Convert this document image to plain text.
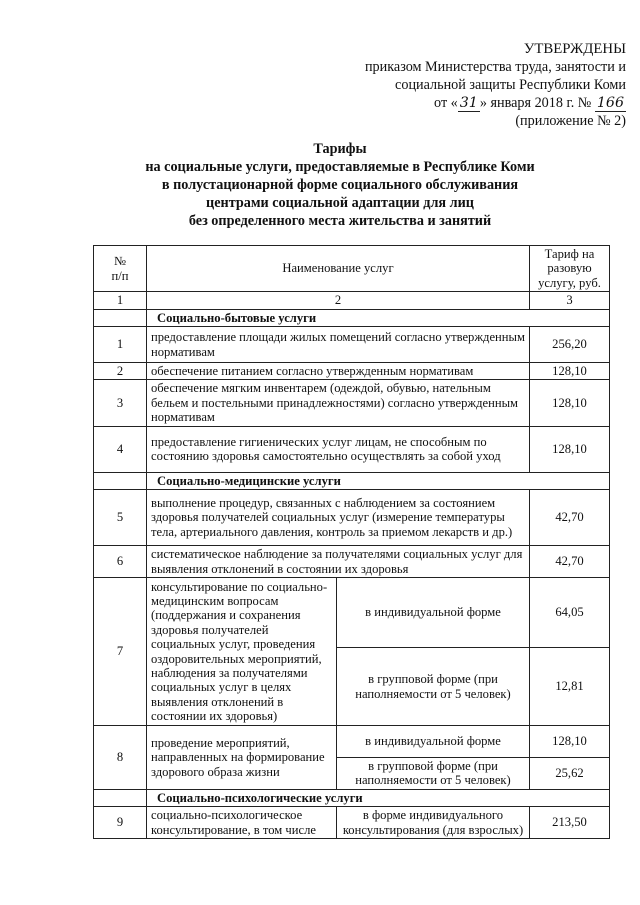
УТВЕРЖДЕНЫ
приказом Министерства труда, занятости и
социальной защиты Республики Коми
от « 31 » января 2018 г. № 166
(приложение № 2)
Тарифы
на социальные услуги, предоставляемые в Республике Коми
в полустационарной форме социального обслуживания
центрами социальной адаптации для лиц
без определенного места жительства и занятий
№
п/п	Наименование услуг		Тариф на разовую услугу, руб.
1	2		3
	Социально-бытовые услуги		
1	предоставление площади жилых помещений согласно утвержденным нормативам		256,20
2	обеспечение питанием согласно утвержденным нормативам		128,10
3	обеспечение мягким инвентарем (одеждой, обувью, нательным бельем и постельными принадлежностями) согласно утвержденным нормативам		128,10
4	предоставление гигиенических услуг лицам, не способным по состоянию здоровья самостоятельно осуществлять за собой уход		128,10
	Социально-медицинские услуги		
5	выполнение процедур, связанных с наблюдением за состоянием здоровья получателей социальных услуг (измерение температуры тела, артериального давления, контроль за приемом лекарств и др.)		42,70
6	систематическое наблюдение за получателями социальных услуг для выявления отклонений в состоянии их здоровья		42,70
7	консультирование по социально-медицинским вопросам (поддержания и сохранения здоровья получателей социальных услуг, проведения оздоровительных мероприятий, наблюдения за получателями социальных услуг в целях выявления отклонений в состоянии их здоровья)	в индивидуальной форме	64,05
		в групповой форме (при наполняемости от 5 человек)	12,81
8	проведение мероприятий, направленных на формирование здорового образа жизни	в индивидуальной форме	128,10
		в групповой форме (при наполняемости от 5 человек)	25,62
	Социально-психологические услуги		
9	социально-психологическое консультирование, в том числе	в форме индивидуального консультирования (для взрослых)	213,50
